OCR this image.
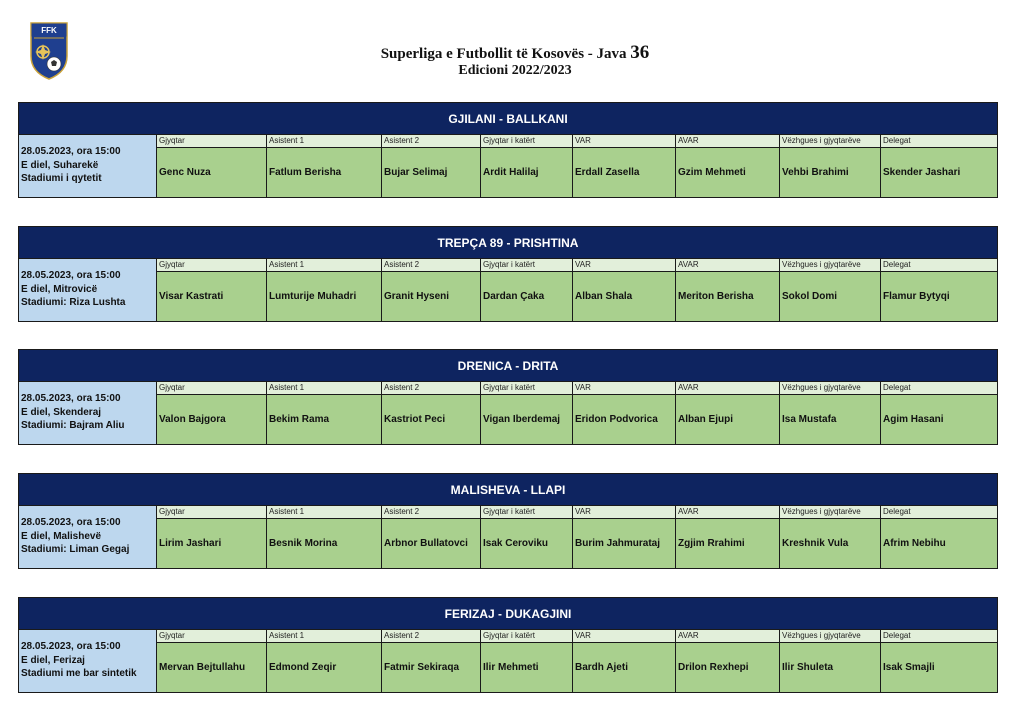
FFK
Superliga e Futbollit të Kosovës - Java 36
Edicioni 2022/2023
GJILANI - BALLKANI
28.05.2023, ora 15:00
E diel, Suharekë
Stadiumi i qytetit
Gjyqtar
Genc Nuza
Asistent 1
Fatlum Berisha
Asistent 2
Bujar Selimaj
Gjyqtar i katërt
Ardit Halilaj
VAR
Erdall Zasella
AVAR
Gzim Mehmeti
Vëzhgues i gjyqtarëve
Vehbi Brahimi
Delegat
Skender Jashari
TREPÇA 89 - PRISHTINA
28.05.2023, ora 15:00
E diel, Mitrovicë
Stadiumi: Riza Lushta
Gjyqtar
Visar Kastrati
Asistent 1
Lumturije Muhadri
Asistent 2
Granit Hyseni
Gjyqtar i katërt
Dardan Çaka
VAR
Alban Shala
AVAR
Meriton Berisha
Vëzhgues i gjyqtarëve
Sokol Domi
Delegat
Flamur Bytyqi
DRENICA - DRITA
28.05.2023, ora 15:00
E diel, Skenderaj
Stadiumi: Bajram Aliu
Gjyqtar
Valon Bajgora
Asistent 1
Bekim Rama
Asistent 2
Kastriot Peci
Gjyqtar i katërt
Vigan Iberdemaj
VAR
Eridon Podvorica
AVAR
Alban Ejupi
Vëzhgues i gjyqtarëve
Isa Mustafa
Delegat
Agim Hasani
MALISHEVA - LLAPI
28.05.2023, ora 15:00
E diel, Malishevë
Stadiumi: Liman Gegaj
Gjyqtar
Lirim Jashari
Asistent 1
Besnik Morina
Asistent 2
Arbnor Bullatovci
Gjyqtar i katërt
Isak Ceroviku
VAR
Burim Jahmurataj
AVAR
Zgjim Rrahimi
Vëzhgues i gjyqtarëve
Kreshnik Vula
Delegat
Afrim Nebihu
FERIZAJ - DUKAGJINI
28.05.2023, ora 15:00
E diel, Ferizaj
Stadiumi me bar sintetik
Gjyqtar
Mervan Bejtullahu
Asistent 1
Edmond Zeqir
Asistent 2
Fatmir Sekiraqa
Gjyqtar i katërt
Ilir Mehmeti
VAR
Bardh Ajeti
AVAR
Drilon Rexhepi
Vëzhgues i gjyqtarëve
Ilir Shuleta
Delegat
Isak Smajli
